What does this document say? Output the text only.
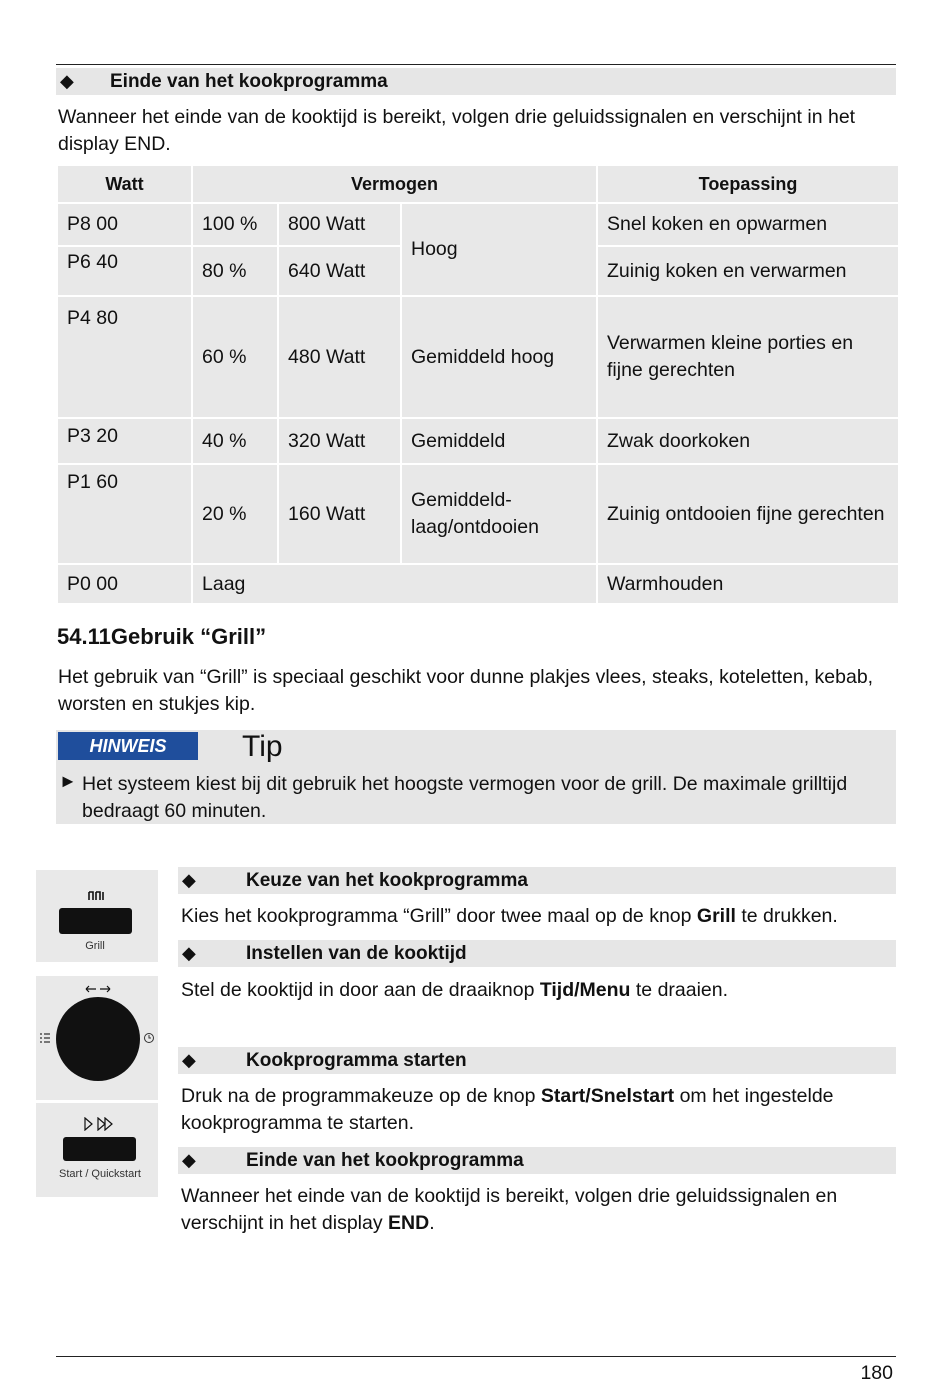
◆	Einde van het kookprogramma
Wanneer het einde van de kooktijd is bereikt, volgen drie geluidssignalen en verschijnt in het display END.
Watt	Vermogen			Toepassing
P8 00	100 %	800 Watt	Hoog	Snel koken en opwarmen
P6 40	80 %	640 Watt		Zuinig koken en verwarmen
P4 80	60 %	480 Watt	Gemiddeld hoog	Verwarmen kleine porties en fijne gerechten
P3 20	40 %	320 Watt	Gemiddeld	Zwak doorkoken
P1 60	20 %	160 Watt	Gemiddeld-laag/ontdooien	Zuinig ontdooien fijne gerechten
P0 00	Laag			Warmhouden
54.11Gebruik “Grill”
Het gebruik van “Grill” is speciaal geschikt voor dunne plakjes vlees, steaks, koteletten, kebab, worsten en stukjes kip.
HINWEIS	Tip
► Het systeem kiest bij dit gebruik het hoogste vermogen voor de grill. De maximale grilltijd bedraagt 60 minuten.
Grill
Start / Quickstart
◆	Keuze van het kookprogramma
Kies het kookprogramma “Grill” door twee maal op de knop Grill te drukken.
◆	Instellen van de kooktijd
Stel de kooktijd in door aan de draaiknop Tijd/Menu te draaien.
◆	Kookprogramma starten
Druk na de programmakeuze op de knop Start/Snelstart om het ingestelde kookprogramma te starten.
◆	Einde van het kookprogramma
Wanneer het einde van de kooktijd is bereikt, volgen drie geluidssignalen en verschijnt in het display END.
180
